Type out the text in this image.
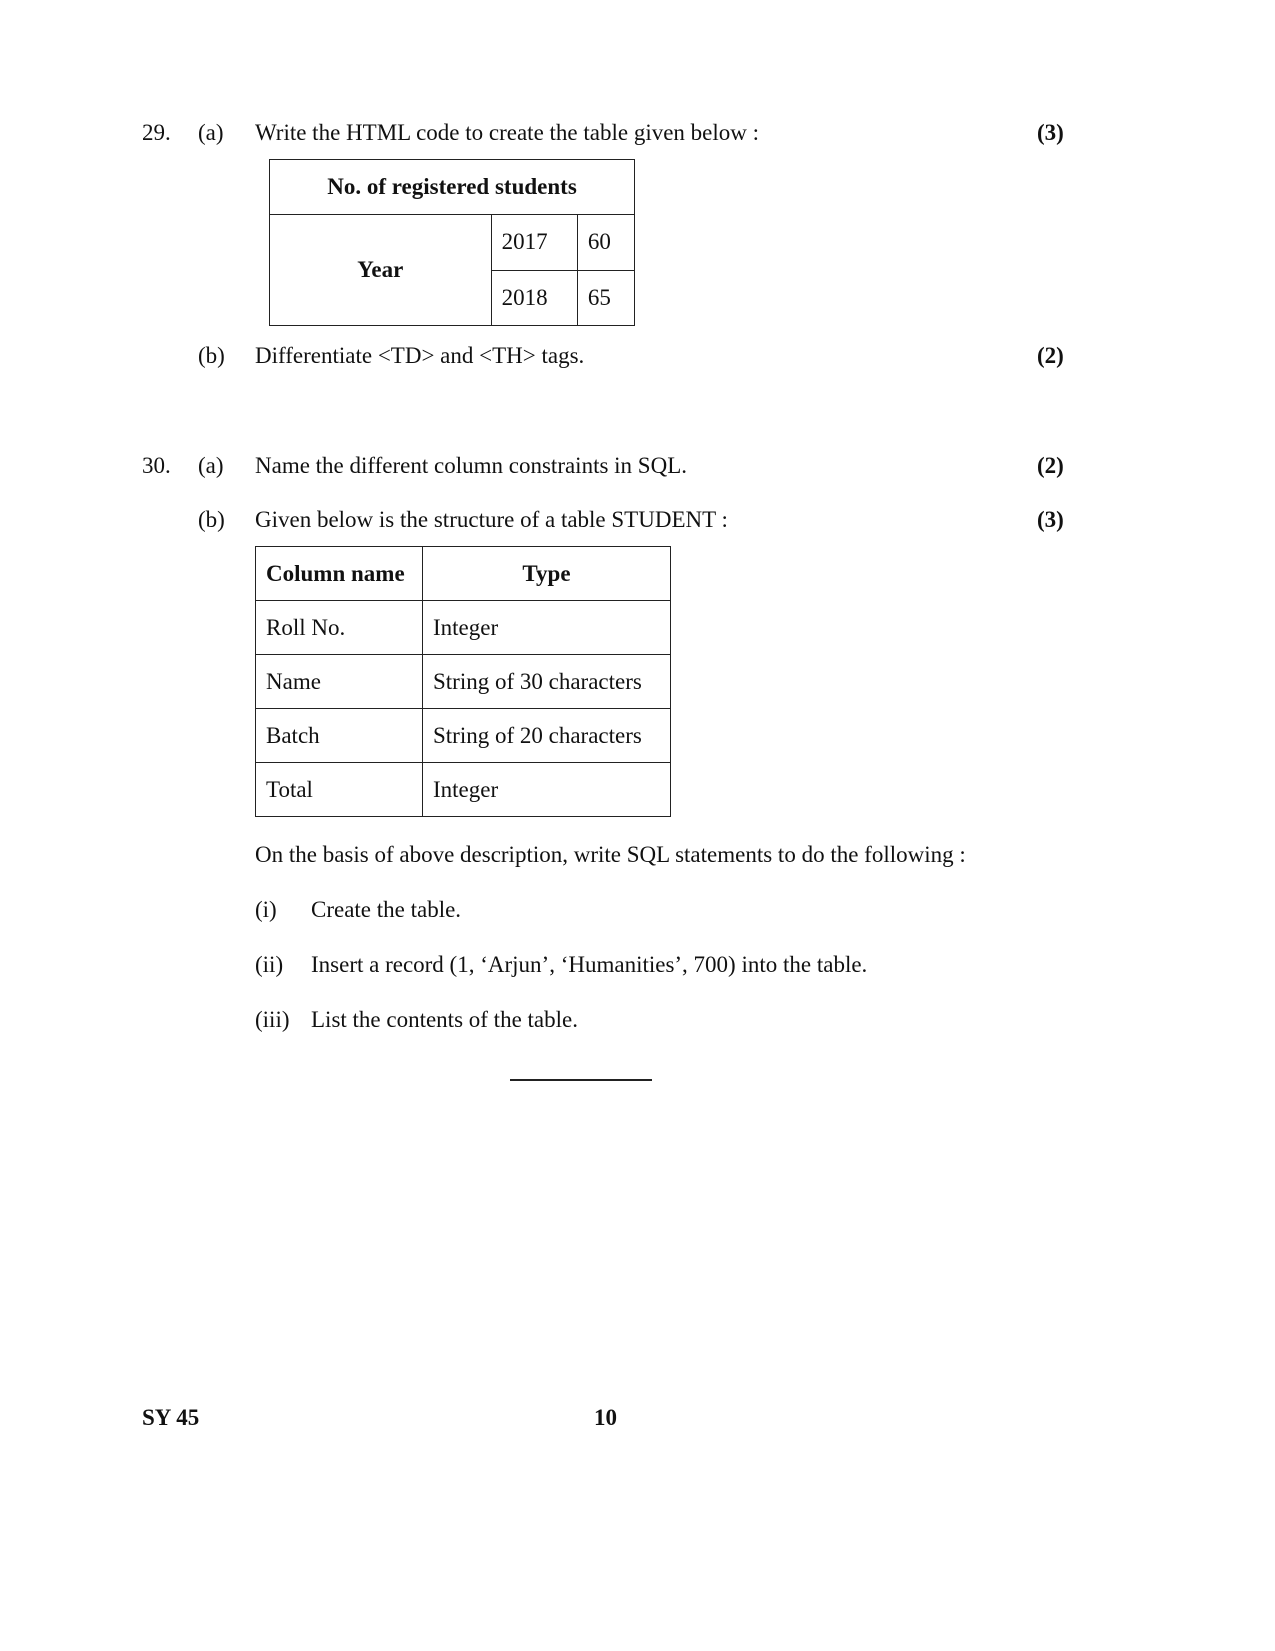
29. (a) Write the HTML code to create the table given below :	(3)
No. of registered students		
Year	2017	60
	2018	65
(b) Differentiate <TD> and <TH> tags.	(2)
30. (a) Name the different column constraints in SQL.	(2)
(b) Given below is the structure of a table STUDENT :	(3)
Column name	Type
Roll No.	Integer
Name	String of 30 characters
Batch	String of 20 characters
Total	Integer
On the basis of above description, write SQL statements to do the following :
(i) Create the table.
(ii) Insert a record (1, ‘Arjun’, ‘Humanities’, 700) into the table.
(iii) List the contents of the table.
SY 45	10
